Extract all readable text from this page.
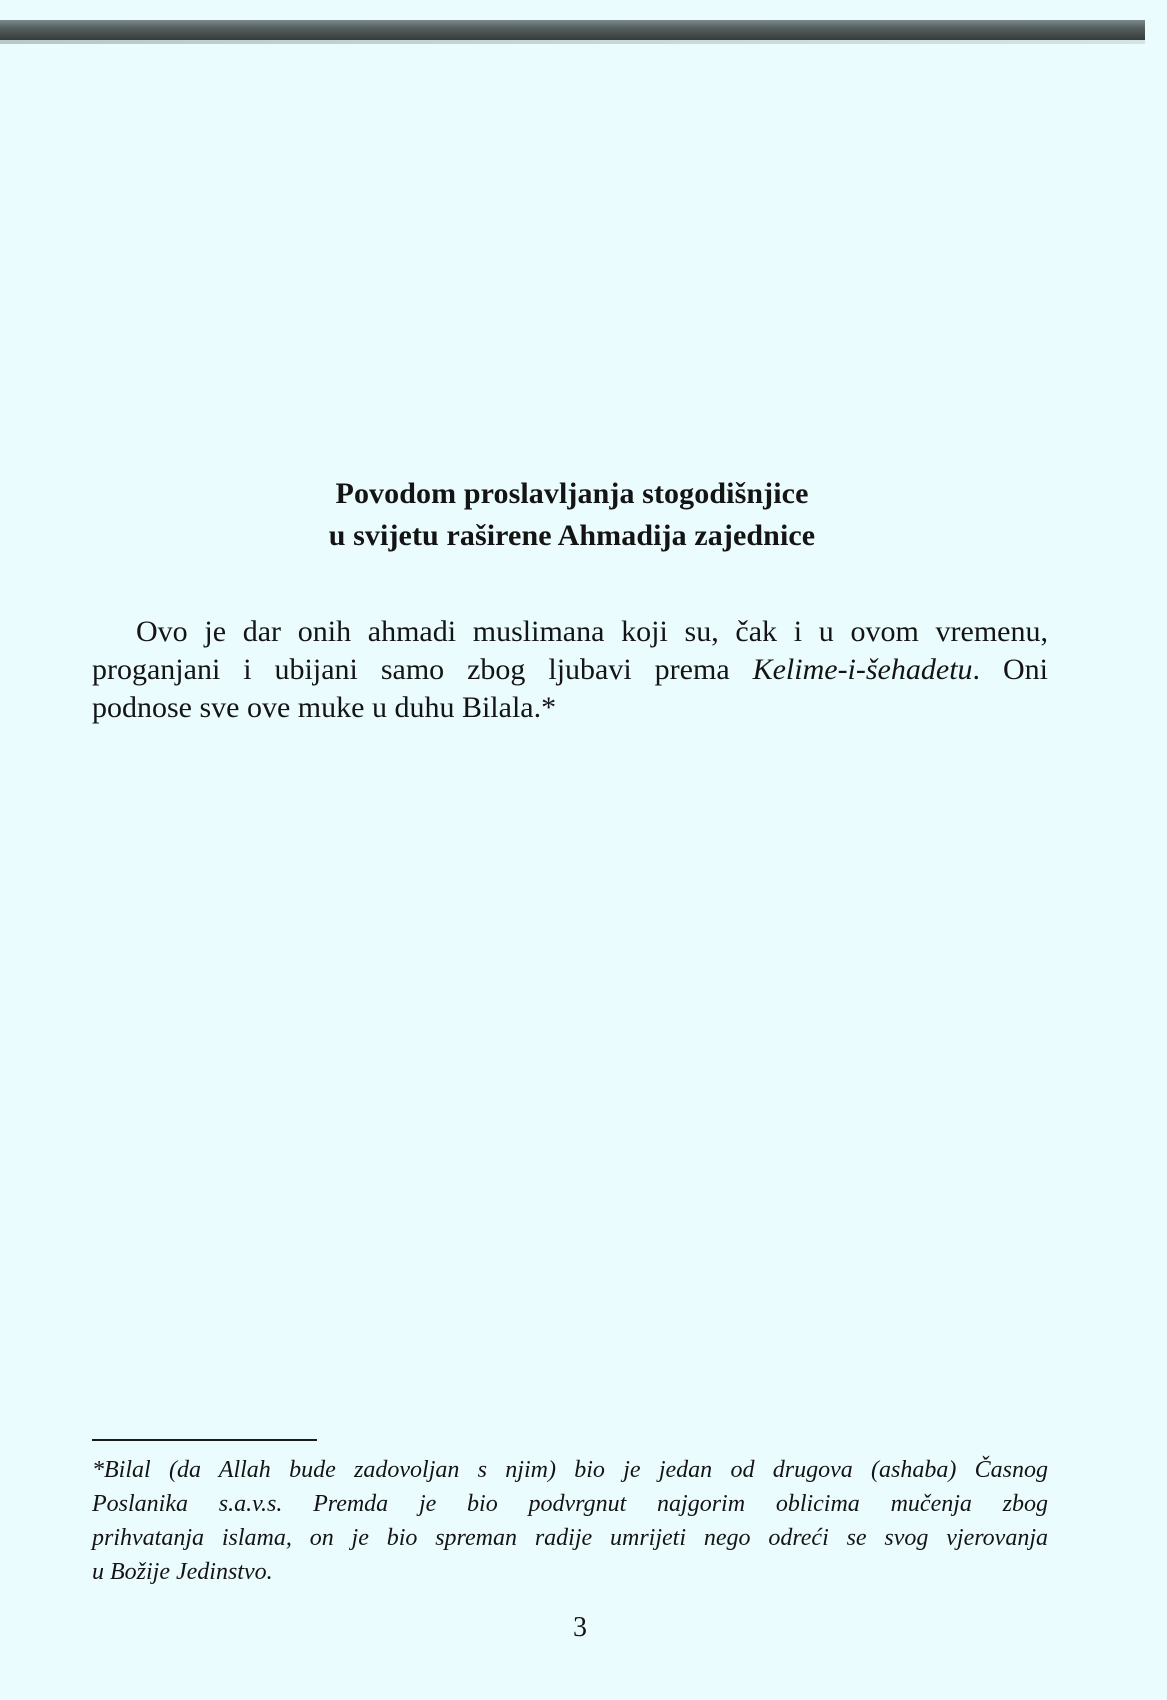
Povodom proslavljanja stogodišnjice
u svijetu raširene Ahmadija zajednice
Ovo je dar onih ahmadi muslimana koji su, čak i u ovom vremenu,
proganjani i ubijani samo zbog ljubavi prema Kelime-i-šehadetu. Oni
podnose sve ove muke u duhu Bilala.*
*Bilal (da Allah bude zadovoljan s njim) bio je jedan od drugova (ashaba) Časnog
Poslanika s.a.v.s. Premda je bio podvrgnut najgorim oblicima mučenja zbog
prihvatanja islama, on je bio spreman radije umrijeti nego odreći se svog vjerovanja
u Božije Jedinstvo.
3
